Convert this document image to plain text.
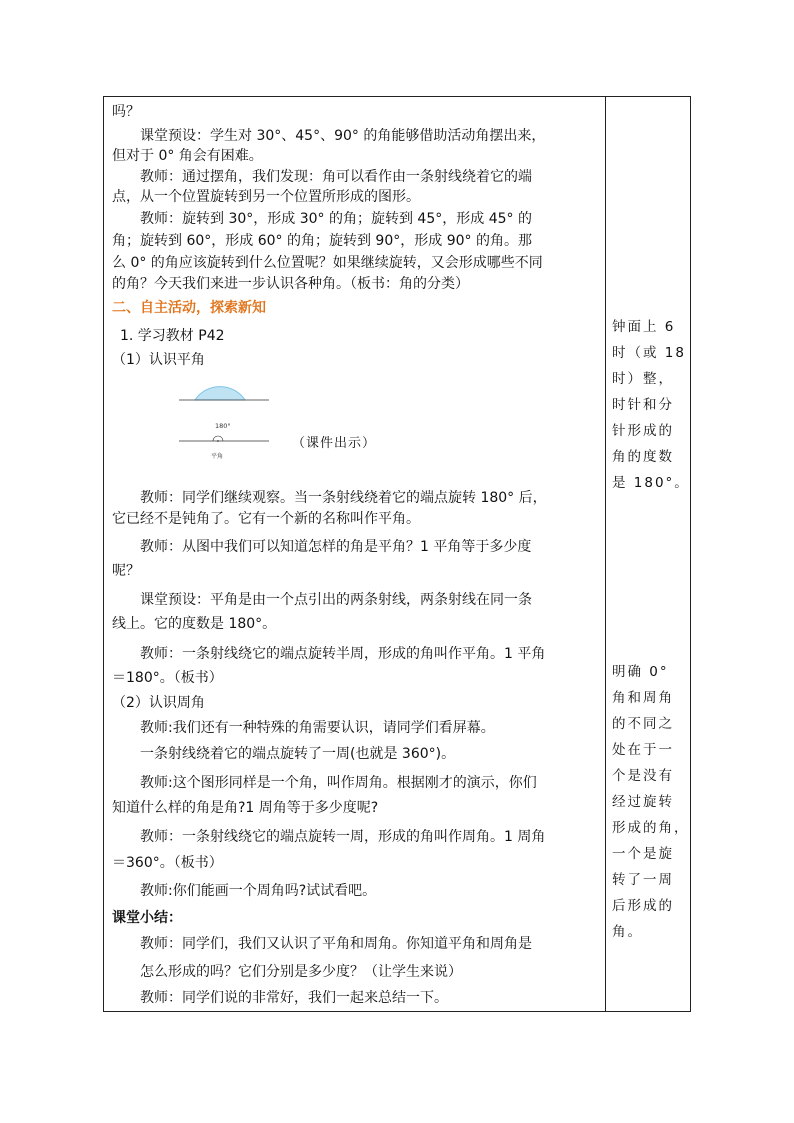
吗？
课堂预设：学生对 30°、45°、90° 的角能够借助活动角摆出来，
但对于 0° 角会有困难。
教师：通过摆角，我们发现：角可以看作由一条射线绕着它的端
点，从一个位置旋转到另一个位置所形成的图形。
教师：旋转到 30°，形成 30° 的角；旋转到 45°，形成 45° 的
角；旋转到 60°，形成 60° 的角；旋转到 90°，形成 90° 的角。那
么 0° 的角应该旋转到什么位置呢？如果继续旋转，又会形成哪些不同
的角？今天我们来进一步认识各种角。（板书：角的分类）
二、自主活动，探索新知
1. 学习教材 P42
（1）认识平角
180°
平角
（课件出示）
教师：同学们继续观察。当一条射线绕着它的端点旋转 180° 后，
它已经不是钝角了。它有一个新的名称叫作平角。
教师：从图中我们可以知道怎样的角是平角？1 平角等于多少度
呢？
课堂预设：平角是由一个点引出的两条射线，两条射线在同一条
线上。它的度数是 180°。
教师：一条射线绕它的端点旋转半周，形成的角叫作平角。1 平角
＝180°。（板书）
（2）认识周角
教师:我们还有一种特殊的角需要认识，请同学们看屏幕。
一条射线绕着它的端点旋转了一周(也就是 360°)。
教师:这个图形同样是一个角，叫作周角。根据刚才的演示，你们
知道什么样的角是角?1 周角等于多少度呢?
教师：一条射线绕它的端点旋转一周，形成的角叫作周角。1 周角
＝360°。（板书）
教师:你们能画一个周角吗?试试看吧。
课堂小结：
教师：同学们，我们又认识了平角和周角。你知道平角和周角是
怎么形成的吗？它们分别是多少度？（让学生来说）
教师：同学们说的非常好，我们一起来总结一下。
钟面上 6
时（或 18
时）整，
时针和分
针形成的
角的度数
是 180°。
明确 0°
角和周角
的不同之
处在于一
个是没有
经过旋转
形成的角，
一个是旋
转了一周
后形成的
角。
